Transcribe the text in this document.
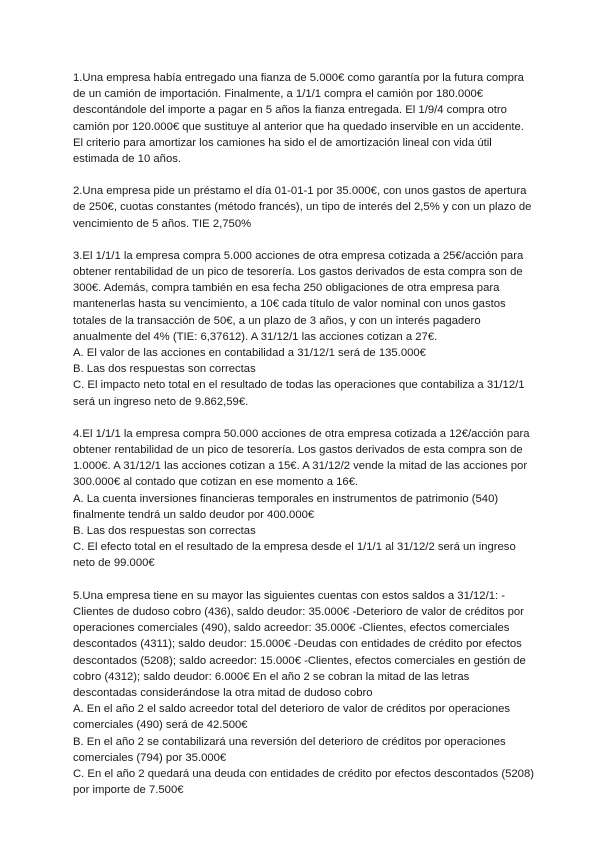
1.Una empresa había entregado una fianza de 5.000€ como garantía por la futura compra de un camión de importación. Finalmente, a 1/1/1 compra el camión por 180.000€ descontándole del importe a pagar en 5 años la fianza entregada. El 1/9/4 compra otro camión por 120.000€ que sustituye al anterior que ha quedado inservible en un accidente. El criterio para amortizar los camiones ha sido el de amortización lineal con vida útil estimada de 10 años.

2.Una empresa pide un préstamo el día 01-01-1 por 35.000€, con unos gastos de apertura de 250€, cuotas constantes (método francés), un tipo de interés del 2,5% y con un plazo de vencimiento de 5 años. TIE 2,750%

3.El 1/1/1 la empresa compra 5.000 acciones de otra empresa cotizada a 25€/acción para obtener rentabilidad de un pico de tesorería. Los gastos derivados de esta compra son de 300€. Además, compra también en esa fecha 250 obligaciones de otra empresa para mantenerlas hasta su vencimiento, a 10€ cada título de valor nominal con unos gastos totales de la transacción de 50€, a un plazo de 3 años, y con un interés pagadero anualmente del 4% (TIE: 6,37612). A 31/12/1 las acciones cotizan a 27€.

A. El valor de las acciones en contabilidad a 31/12/1 será de 135.000€

B. Las dos respuestas son correctas

C. El impacto neto total en el resultado de todas las operaciones que contabiliza a 31/12/1 será un ingreso neto de 9.862,59€.

4.El 1/1/1 la empresa compra 50.000 acciones de otra empresa cotizada a 12€/acción para obtener rentabilidad de un pico de tesorería. Los gastos derivados de esta compra son de 1.000€. A 31/12/1 las acciones cotizan a 15€. A 31/12/2 vende la mitad de las acciones por 300.000€ al contado que cotizan en ese momento a 16€.

A. La cuenta inversiones financieras temporales en instrumentos de patrimonio (540) finalmente tendrá un saldo deudor por 400.000€

B. Las dos respuestas son correctas

C. El efecto total en el resultado de la empresa desde el 1/1/1 al 31/12/2 será un ingreso neto de 99.000€

5.Una empresa tiene en su mayor las siguientes cuentas con estos saldos a 31/12/1: -Clientes de dudoso cobro (436), saldo deudor: 35.000€ -Deterioro de valor de créditos por operaciones comerciales (490), saldo acreedor: 35.000€ -Clientes, efectos comerciales descontados (4311); saldo deudor: 15.000€ -Deudas con entidades de crédito por efectos descontados (5208); saldo acreedor: 15.000€ -Clientes, efectos comerciales en gestión de cobro (4312); saldo deudor: 6.000€ En el año 2 se cobran la mitad de las letras descontadas considerándose la otra mitad de dudoso cobro

A. En el año 2 el saldo acreedor total del deterioro de valor de créditos por operaciones comerciales (490) será de 42.500€

B. En el año 2 se contabilizará una reversión del deterioro de créditos por operaciones comerciales (794) por 35.000€

C. En el año 2 quedará una deuda con entidades de crédito por efectos descontados (5208) por importe de 7.500€
